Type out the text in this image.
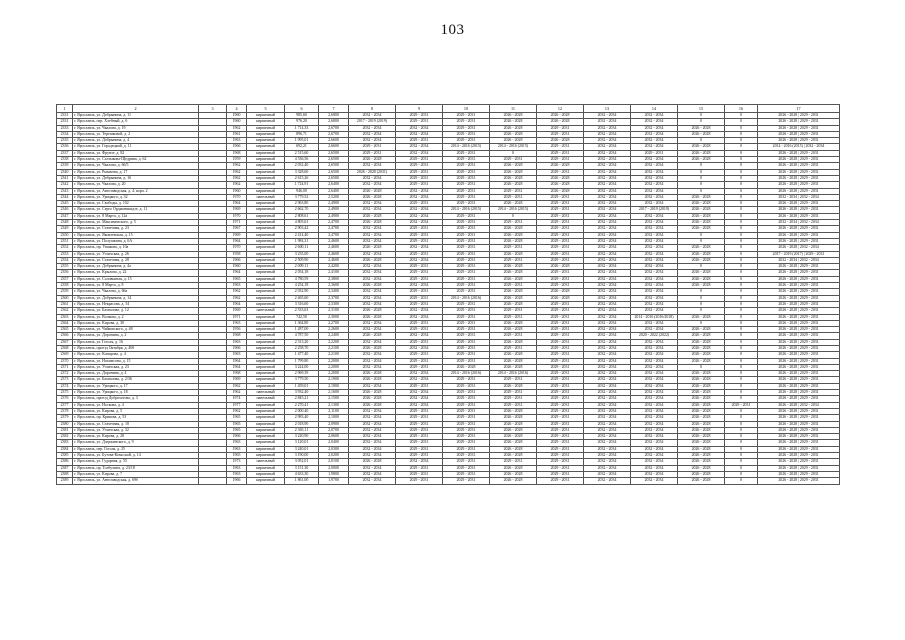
103
1	2	3	4	5	6	7	8	9	10	11	12	13	14	15	16	17
2331	г. Ярославль, ул. Добрынина, д. 11		1960	кирпичный	985,60	2,6800	2032 - 2034	2029 - 2031	2029 - 2031	2026 - 2028	2026 - 2028	2032 - 2034	2032 - 2034	0	0	2026 - 2028 | 2029 - 2031
2331	г. Ярославль, пер. Хлебный, д. 6		1960	кирпичный	976,20	2,6800	2017 - 2019 (2019)	2029 - 2031	2029 - 2031	2026 - 2028	2026 - 2028	2032 - 2034	2032 - 2034	0	0	2026 - 2028 | 2029 - 2031
2333	г. Ярославль, ул. Чкалова, д. 19		1962	кирпичный	1 714,33	2,6700	2032 - 2034	2032 - 2034	2029 - 2031	2026 - 2028	2029 - 2031	2032 - 2034	2032 - 2034	2026 - 2028	0	2026 - 2028 | 2029 - 2031
2334	г. Ярославль, ул. Терешковой, д. 2		1961	кирпичный	896,71	2,6700	2032 - 2034	2032 - 2034	2029 - 2031	2026 - 2028	2029 - 2031	2032 - 2034	2032 - 2034	2026 - 2028	0	2026 - 2028 | 2029 - 2031
2335	г. Ярославль, ул. Добрынина, д. 4		1963	кирпичный	1 095,01	2,6600	2032 - 2034	2029 - 2031	2029 - 2031	2026 - 2028	2026 - 2028	2032 - 2034	2032 - 2034	0	0	2026 - 2028 | 2029 - 2031
2336	г. Ярославль, ул. Городецкий, д. 11		1966	кирпичный	692,21	2,6600	2029 - 2031	2032 - 2034	2014 - 2016 (2015)	2014 - 2016 (2015)	2029 - 2031	2032 - 2034	2032 - 2034	2026 - 2028	0	2014 - 2016 (2015) | 2032 - 2034
2337	г. Ярославль, ул. Фрунзе, д. 82		1968	кирпичный	2 515,60	2,6500	2029 - 2031	2032 - 2034	2029 - 2031	0	2029 - 2031	2032 - 2034	2029 - 2031	2026 - 2028	0	2026 - 2028 | 2029 - 2031
2338	г. Ярославль, ул. Салтыкова-Щедрина, д. 62		1959	кирпичный	4 536,56	2,6500	2026 - 2028	2029 - 2031	2029 - 2031	2029 - 2031	2029 - 2031	2032 - 2034	2032 - 2034	2026 - 2028	0	2026 - 2028 | 2029 - 2031
2339	г. Ярославль, ул. Чкалова, д. 66/5		1962	кирпичный	2 032,40	2,6500	2032 - 2034	2029 - 2031	2029 - 2031	2026 - 2028	2026 - 2028	2032 - 2034	2032 - 2034	0	0	2026 - 2028 | 2029 - 2031
2340	г. Ярославль, ул. Рыкачева, д. 17		1962	кирпичный	3 328,60	2,6500	2026 - 2028 (2031)	2029 - 2031	2029 - 2031	2026 - 2028	2029 - 2031	2032 - 2034	2032 - 2034	0	0	2026 - 2028 | 2029 - 2031
2341	г. Ярославль, ул. Добрынина, д. 16		1962	кирпичный	2 615,26	2,6500	2032 - 2034	2029 - 2031	2029 - 2031	2026 - 2028	2026 - 2028	2032 - 2034	2032 - 2034	0	0	2026 - 2028 | 2029 - 2031
2342	г. Ярославль, ул. Чкалова, д. 20		1962	кирпичный	1 724,91	2,6400	2032 - 2034	2029 - 2031	2029 - 2031	2026 - 2028	2026 - 2028	2032 - 2034	2032 - 2034	0	0	2026 - 2028 | 2029 - 2031
2343	г. Ярославль, ул. Автозаводская, д. 4, корп. 2		1960	кирпичный	946,00	2,6400	2026 - 2028	2032 - 2034	2029 - 2031	2029 - 2031	2026 - 2028	2032 - 2034	2032 - 2034	0	0	2026 - 2028 | 2029 - 2031
2344	г. Ярославль, ул. Урицкого, д. 32		1970	панельный	3 779,52	2,5200	2026 - 2028	2032 - 2034	2029 - 2031	2029 - 2031	2029 - 2031	2032 - 2034	2032 - 2034	2026 - 2028	0	2032 - 2034 | 2032 - 2034
2345	г. Ярославль, ул. Свободы, д. 102		1964	кирпичный	2 963,80	2,4900	2032 - 2034	2029 - 2031	2029 - 2031	2026 - 2028	2029 - 2031	2032 - 2034	2032 - 2034	2026 - 2028	0	2026 - 2028 | 2029 - 2031
2346	г. Ярославль, ул. Серго Орджоникидзе, д. 11		1969	кирпичный	2 662,70	2,4900	2032 - 2034	2032 - 2034	2014 - 2016 (2015)	2014 - 2016 (2015)	2029 - 2031	2032 - 2034	2017 - 2019 (2019)	2026 - 2028	0	2026 - 2028 | 2029 - 2031
2347	г. Ярославль, ул. 8 Марта, д. 12а		1970	кирпичный	2 808,61	2,4900	2026 - 2028	2032 - 2034	2029 - 2031	0	2029 - 2031	2032 - 2034	2032 - 2034	2026 - 2028	0	2026 - 2028 | 2029 - 2031
2348	г. Ярославль, ул. Максимовского, д. 5		1971	кирпичный	4 805,61	2,4700	2026 - 2028	2032 - 2034	2029 - 2031	2029 - 2031	2029 - 2031	2032 - 2034	2032 - 2034	2026 - 2028	0	2032 - 2034 | 2032 - 2034
2349	г. Ярославль, ул. Стачечная, д. 23		1967	кирпичный	2 903,42	2,4700	2032 - 2034	2029 - 2031	2029 - 2031	2026 - 2028	2029 - 2031	2032 - 2034	2032 - 2034	2026 - 2028	0	2026 - 2028 | 2029 - 2031
2350	г. Ярославль, ул. Яковлевская, д. 15		1969	кирпичный	2 414,40	2,4700	2032 - 2034	2029 - 2031	2029 - 2031	2026 - 2028	2029 - 2031	2032 - 2034	2032 - 2034	0	0	2026 - 2028 | 2029 - 2031
2351	г. Ярославль, ул. Полушкина, д. 6А		1964	кирпичный	1 984,31	2,4600	2032 - 2034	2029 - 2031	2029 - 2031	2026 - 2028	2029 - 2031	2032 - 2034	2032 - 2034	0	0	2026 - 2028 | 2029 - 2031
2352	г. Ярославль, пр. Ушакова, д. 10а		1970	кирпичный	2 600,11	2,4600	2026 - 2028	2032 - 2034	2029 - 2031	2029 - 2031	2029 - 2031	2032 - 2034	2032 - 2034	2026 - 2028	0	2026 - 2028 | 2032 - 2034
2353	г. Ярославль, ул. Угличская, д. 26		1958	кирпичный	3 235,00	2,4600	2032 - 2034	2029 - 2031	2029 - 2031	2026 - 2028	2029 - 2031	2032 - 2034	2032 - 2034	2026 - 2028	0	2017 - 2019 (2017) | 2029 - 2031
2354	г. Ярославль, ул. Стачечная, д. 28		1966	кирпичный	2 509,90	2,4600	2026 - 2028	2032 - 2034	2029 - 2031	2029 - 2031	2029 - 2031	2032 - 2034	2032 - 2034	2026 - 2028	0	2032 - 2034 | 2032 - 2034
2355	г. Ярославль, ул. Добрынина, д. 4а		1960	кирпичный	2 009,11	2,4200	2032 - 2034	2029 - 2031	2029 - 2031	2026 - 2028	2026 - 2028	2032 - 2034	2032 - 2034	0	0	2026 - 2028 | 2029 - 2031
2356	г. Ярославль, ул. Крылова, д. 22		1964	кирпичный	2 054,18	2,4100	2032 - 2034	2029 - 2031	2029 - 2031	2026 - 2028	2029 - 2031	2032 - 2034	2032 - 2034	2026 - 2028	0	2026 - 2028 | 2029 - 2031
2357	г. Ярославль, ул. Соловьиная, д. 15		1965	кирпичный	4 780,59	2,3800	2032 - 2034	2029 - 2031	2029 - 2031	2026 - 2028	2029 - 2031	2032 - 2034	2032 - 2034	2026 - 2028	0	2026 - 2028 | 2029 - 2031
2358	г. Ярославль, ул. 8 Марта, д. 8		1963	кирпичный	4 254,18	2,3600	2026 - 2028	2032 - 2034	2029 - 2031	2029 - 2031	2029 - 2031	2032 - 2034	2032 - 2034	2026 - 2028	0	2026 - 2028 | 2029 - 2031
2359	г. Ярославль, ул. Чкалова, д. 66а		1962	кирпичный	2 032,90	2,3400	2032 - 2034	2029 - 2031	2029 - 2031	2026 - 2028	2026 - 2028	2032 - 2034	2032 - 2034	0	0	2026 - 2028 | 2029 - 2031
2360	г. Ярославль, ул. Добрынина, д. 14		1962	кирпичный	2 465,60	2,3700	2032 - 2034	2029 - 2031	2014 - 2016 (2016)	2026 - 2028	2026 - 2028	2032 - 2034	2032 - 2034	0	0	2026 - 2028 | 2029 - 2031
2361	г. Ярославль, ул. Некрасова, д. 54		1964	кирпичный	3 316,60	2,3300	2032 - 2034	2029 - 2031	2029 - 2031	2026 - 2028	2029 - 2031	2032 - 2034	2032 - 2034	0	0	2026 - 2028 | 2029 - 2031
2362	г. Ярославль, ул. Бахвалова, д. 12		1969	панельный	2 533,63	2,3100	2026 - 2028	2032 - 2034	2029 - 2031	2029 - 2031	2029 - 2031	2032 - 2034	2032 - 2034	0	0	2026 - 2028 | 2029 - 2031
2363	г. Ярославль, ул. Волкова, д. 2		1971	кирпичный	742,50	2,3000	2026 - 2028	2032 - 2034	2029 - 2031	2029 - 2031	2029 - 2031	2032 - 2034	2014 - 2016 (2016/2018)	2026 - 2028	0	2026 - 2028 | 2029 - 2031
2364	г. Ярославль, ул. Кирова, д. 30		1963	кирпичный	1 364,80	2,2700	2032 - 2034	2029 - 2031	2029 - 2031	2026 - 2028	2029 - 2031	2032 - 2034	2032 - 2034	0	0	2026 - 2028 | 2029 - 2031
2365	г. Ярославль, ул. Чайковского, д. 48		1956	кирпичный	1 287,00	2,2600	2032 - 2034	2029 - 2031	2029 - 2031	2026 - 2028	2029 - 2031	2032 - 2034	2032 - 2034	2026 - 2028	0	2026 - 2028 | 2029 - 2031
2366	г. Ярославль, ул. Доронина, д. 2		1968	кирпичный	4 787,50	2,2400	2026 - 2028	2032 - 2034	2029 - 2031	2029 - 2031	2029 - 2031	2032 - 2034	2020 - 2022 (2022)	2026 - 2028	0	2026 - 2028 | 2029 - 2031
2367	г. Ярославль, ул. Гоголя, д. 16		1963	кирпичный	2 313,20	2,2200	2032 - 2034	2029 - 2031	2029 - 2031	2026 - 2028	2029 - 2031	2032 - 2034	2032 - 2034	2026 - 2028	0	2026 - 2028 | 2029 - 2031
2368	г. Ярославль, проезд Октября, д. 40б		1966	кирпичный	2 258,70	2,2100	2026 - 2028	2032 - 2034	2029 - 2031	2029 - 2031	2029 - 2031	2032 - 2034	2032 - 2034	2026 - 2028	0	2026 - 2028 | 2029 - 2031
2369	г. Ярославль, ул. Комарова, д. 4		1963	кирпичный	1 477,40	2,2100	2032 - 2034	2029 - 2031	2029 - 2031	2026 - 2028	2029 - 2031	2032 - 2034	2032 - 2034	2026 - 2028	0	2026 - 2028 | 2029 - 2031
2370	г. Ярославль, ул. Нахимсона, д. 15		1964	кирпичный	1 799,80	2,2000	2032 - 2034	2029 - 2031	2029 - 2031	2026 - 2028	2029 - 2031	2032 - 2034	2032 - 2034	2026 - 2028	0	2026 - 2028 | 2029 - 2031
2371	г. Ярославль, ул. Угличская, д. 23		1964	кирпичный	3 224,00	2,2000	2032 - 2034	2029 - 2031	2026 - 2028	2026 - 2028	2029 - 2031	2032 - 2034	2032 - 2034	0	0	2026 - 2028 | 2029 - 2031
2372	г. Ярославль, ул. Доронина, д. 4		1968	кирпичный	2 969,39	2,2000	2026 - 2028	2032 - 2034	2014 - 2016 (2016)	2014 - 2016 (2016)	2029 - 2031	2032 - 2034	2032 - 2034	2026 - 2028	0	2026 - 2028 | 2029 - 2031
2373	г. Ярославль, ул. Бахвалова, д. 2/36		1969	кирпичный	3 779,50	2,1900	2026 - 2028	2032 - 2034	2029 - 2031	2029 - 2031	2029 - 2031	2032 - 2034	2032 - 2034	2026 - 2028	0	2026 - 2028 | 2029 - 2031
2374	г. Ярославль, ул. Урицкого, д. 17		1962	кирпичный	1 459,01	2,1800	2032 - 2034	2029 - 2031	2029 - 2031	2026 - 2028	2029 - 2031	2032 - 2034	2032 - 2034	2026 - 2028	0	2026 - 2028 | 2029 - 2031
2375	г. Ярославль, ул. Урицкого, д. 18		1962	панельный	3 932,40	2,1600	2026 - 2028	2032 - 2034	2029 - 2031	2029 - 2031	2029 - 2031	2032 - 2034	2032 - 2034	2026 - 2028	0	2026 - 2028 | 2029 - 2031
2376	г. Ярославль, проезд Доброхотова, д. 3		1974	панельный	2 845,21	2,1500	2026 - 2028	2032 - 2034	2029 - 2031	2029 - 2031	2029 - 2031	2032 - 2034	2032 - 2034	2026 - 2028	0	2026 - 2028 | 2029 - 2031
2377	г. Ярославль, ул. Носкова, д. 4		1977	кирпичный	2 270,41	2,1300	2026 - 2028	2032 - 2034	2029 - 2031	2029 - 2031	2029 - 2031	2032 - 2034	2032 - 2034	2026 - 2028	2029 - 2031	2026 - 2028 | 2032 - 2034
2378	г. Ярославль, ул. Кирова, д. 5		1962	кирпичный	2 000,40	2,1100	2032 - 2034	2029 - 2031	2029 - 2031	2026 - 2028	2029 - 2031	2032 - 2034	2032 - 2034	2026 - 2028	0	2026 - 2028 | 2029 - 2031
2379	г. Ярославль, пр. Кривова, д. 53		1965	кирпичный	2 983,40	2,1000	2032 - 2034	2029 - 2031	2029 - 2031	2026 - 2028	2029 - 2031	2032 - 2034	2032 - 2034	2026 - 2028	0	2026 - 2028 | 2029 - 2031
2380	г. Ярославль, ул. Стачечная, д. 18		1965	кирпичный	2 018,90	2,0900	2032 - 2034	2029 - 2031	2029 - 2031	2026 - 2028	2029 - 2031	2032 - 2034	2032 - 2034	2026 - 2028	0	2026 - 2028 | 2029 - 2031
2381	г. Ярославль, ул. Угличская, д. 32		1965	кирпичный	2 365,11	2,0700	2032 - 2034	2029 - 2031	2029 - 2031	2026 - 2028	2029 - 2031	2032 - 2034	2032 - 2034	2026 - 2028	0	2026 - 2028 | 2029 - 2031
2382	г. Ярославль, ул. Кирова, д. 28		1966	кирпичный	3 220,90	2,0600	2032 - 2034	2029 - 2031	2029 - 2031	2026 - 2028	2029 - 2031	2032 - 2034	2032 - 2034	2026 - 2028	0	2026 - 2028 | 2029 - 2031
2383	г. Ярославль, ул. Дзержинского, д. 9		1963	кирпичный	3 120,01	2,0400	2032 - 2034	2029 - 2031	2029 - 2031	2026 - 2028	2029 - 2031	2032 - 2034	2032 - 2034	2026 - 2028	0	2026 - 2028 | 2029 - 2031
2384	г. Ярославль, пер. Гоголя, д. 25		1963	кирпичный	3 240,01	2,0300	2032 - 2034	2029 - 2031	2029 - 2031	2026 - 2028	2029 - 2031	2032 - 2034	2032 - 2034	2026 - 2028	0	2026 - 2028 | 2029 - 2031
2385	г. Ярославль, ул. Бутова-Комоской, д. 14		1965	кирпичный	3 190,00	2,0200	2032 - 2034	2029 - 2031	2029 - 2031	2026 - 2028	2029 - 2031	2032 - 2034	2032 - 2034	2026 - 2028	0	2026 - 2028 | 2029 - 2031
2386	г. Ярославль, ул. Гударная, д. 55		1973	панельный	3 052,01	2,0100	2026 - 2028	2032 - 2034	2029 - 2031	2029 - 2031	2029 - 2031	2032 - 2034	2032 - 2034	2026 - 2028	0	2026 - 2028 | 2029 - 2031
2387	г. Ярославль, пр. Толбухина, д. 23/18		1963	кирпичный	3 151,30	2,0000	2032 - 2034	2029 - 2031	2029 - 2031	2026 - 2028	2029 - 2031	2032 - 2034	2032 - 2034	2026 - 2028	0	2026 - 2028 | 2029 - 2031
2388	г. Ярославль, ул. Кирова, д. 7		1963	кирпичный	4 633,30	1,9800	2032 - 2034	2029 - 2031	2029 - 2031	2026 - 2028	2029 - 2031	2032 - 2034	2032 - 2034	2026 - 2028	0	2026 - 2028 | 2029 - 2031
2389	г. Ярославль, ул. Автозаводская, д. 69б		1966	кирпичный	1 861,00	1,9700	2032 - 2034	2029 - 2031	2029 - 2031	2026 - 2028	2029 - 2031	2032 - 2034	2032 - 2034	2026 - 2028	0	2026 - 2028 | 2029 - 2031
